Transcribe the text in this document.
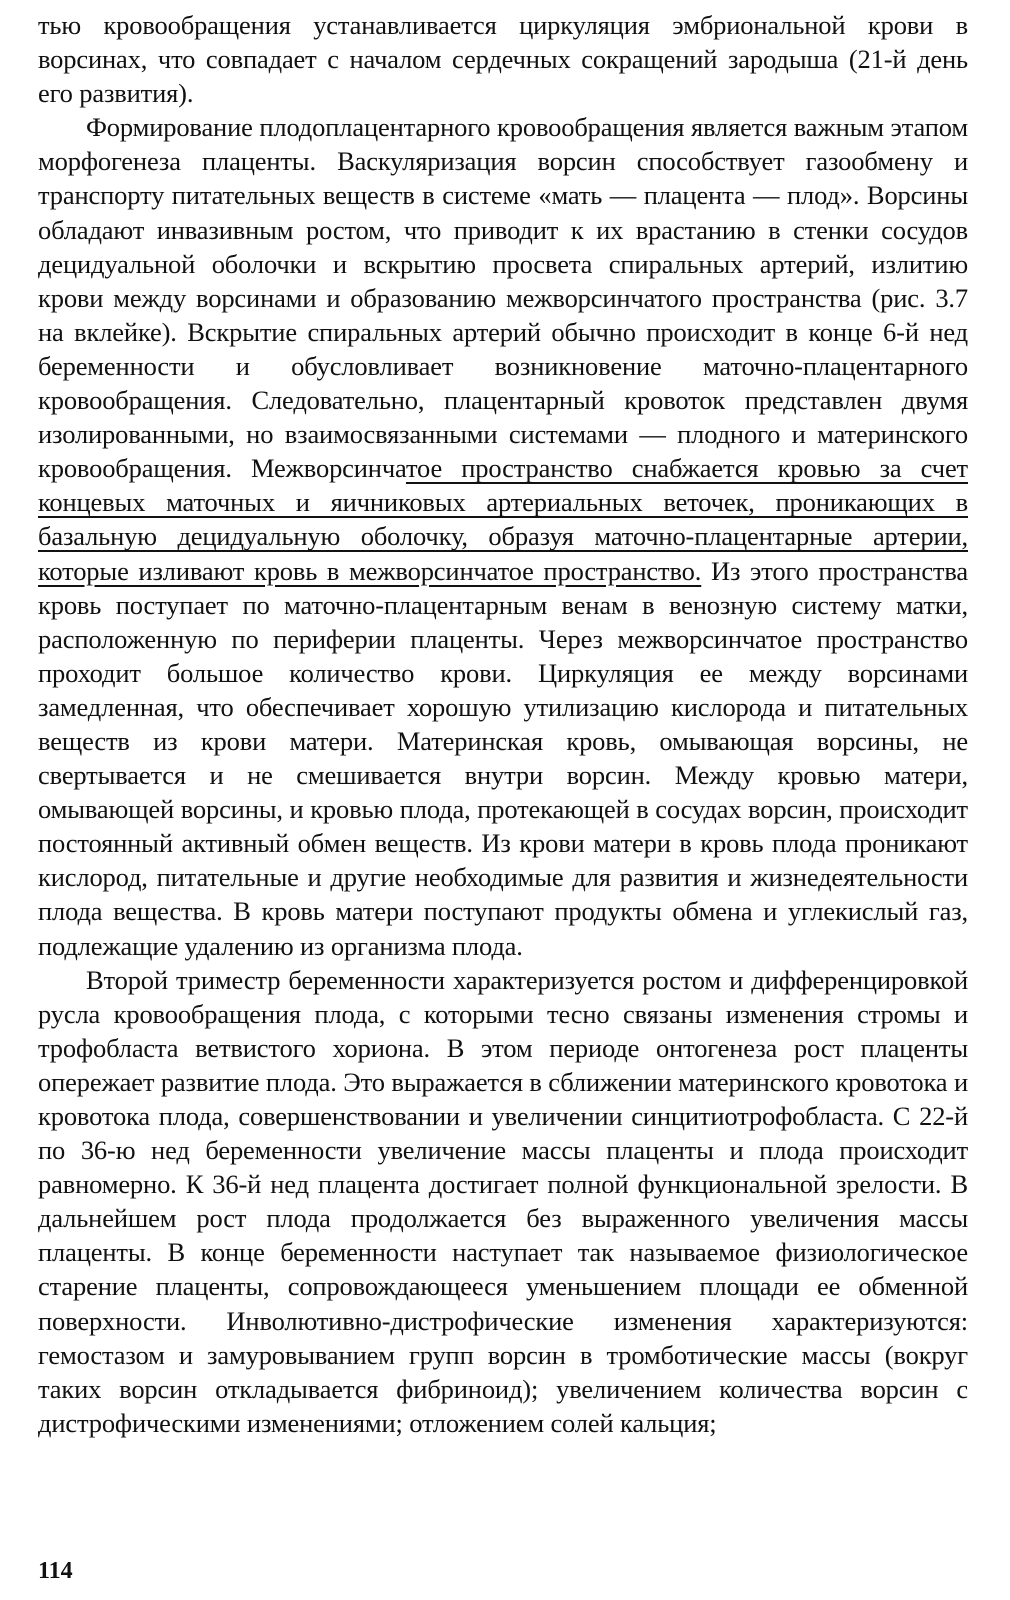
тью кровообращения устанавливается циркуляция эмбриональной крови в ворсинах, что совпадает с началом сердечных сокращений зародыша (21-й день его развития).

Формирование плодоплацентарного кровообращения является важным этапом морфогенеза плаценты. Васкуляризация ворсин способствует газообмену и транспорту питательных веществ в системе «мать — плацента — плод». Ворсины обладают инвазивным ростом, что приводит к их врастанию в стенки сосудов децидуальной оболочки и вскрытию просвета спиральных артерий, излитию крови между ворсинами и образованию межворсинчатого пространства (рис. 3.7 на вклейке). Вскрытие спиральных артерий обычно происходит в конце 6-й нед беременности и обусловливает возникновение маточно-плацентарного кровообращения. Следовательно, плацентарный кровоток представлен двумя изолированными, но взаимосвязанными системами — плодного и материнского кровообращения. Межворсинчатое пространство снабжается кровью за счет концевых маточных и яичниковых артериальных веточек, проникающих в базальную децидуальную оболочку, образуя маточно-плацентарные артерии, которые изливают кровь в межворсинчатое пространство. Из этого пространства кровь поступает по маточно-плацентарным венам в венозную систему матки, расположенную по периферии плаценты. Через межворсинчатое пространство проходит большое количество крови. Циркуляция ее между ворсинами замедленная, что обеспечивает хорошую утилизацию кислорода и питательных веществ из крови матери. Материнская кровь, омывающая ворсины, не свертывается и не смешивается внутри ворсин. Между кровью матери, омывающей ворсины, и кровью плода, протекающей в сосудах ворсин, происходит постоянный активный обмен веществ. Из крови матери в кровь плода проникают кислород, питательные и другие необходимые для развития и жизнедеятельности плода вещества. В кровь матери поступают продукты обмена и углекислый газ, подлежащие удалению из организма плода.

Второй триместр беременности характеризуется ростом и дифференцировкой русла кровообращения плода, с которыми тесно связаны изменения стромы и трофобласта ветвистого хориона. В этом периоде онтогенеза рост плаценты опережает развитие плода. Это выражается в сближении материнского кровотока и кровотока плода, совершенствовании и увеличении синцитиотрофобласта. С 22-й по 36-ю нед беременности увеличение массы плаценты и плода происходит равномерно. К 36-й нед плацента достигает полной функциональной зрелости. В дальнейшем рост плода продолжается без выраженного увеличения массы плаценты. В конце беременности наступает так называемое физиологическое старение плаценты, сопровождающееся уменьшением площади ее обменной поверхности. Инволютивно-дистрофические изменения характеризуются: гемостазом и замуровыванием групп ворсин в тромботические массы (вокруг таких ворсин откладывается фибриноид); увеличением количества ворсин с дистрофическими изменениями; отложением солей кальция;

114
